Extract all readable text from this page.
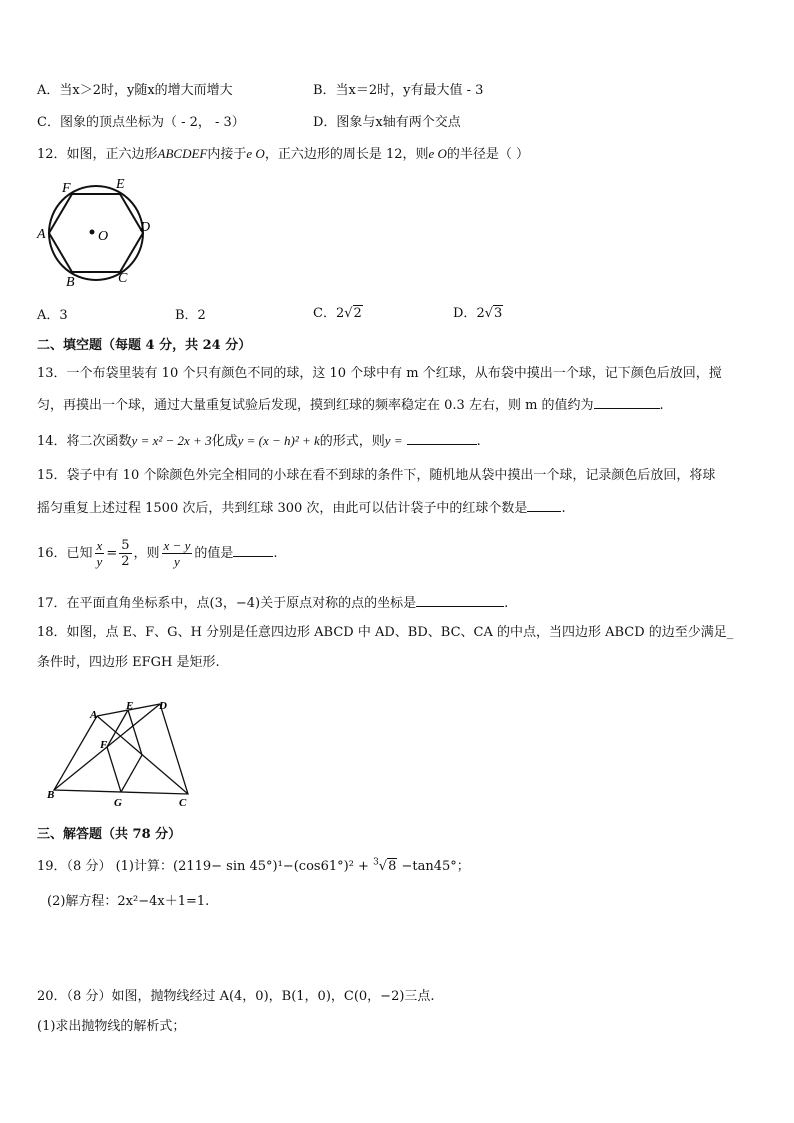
A．当x＞2时，y随x的增大而增大	B．当x＝2时，y有最大值 - 3
C．图象的顶点坐标为（ - 2， - 3）	D．图象与x轴有两个交点
12．如图，正六边形ABCDEF内接于e O，正六边形的周长是 12，则e O的半径是（ ）
A
B	C
D
E
F
O
A．3	B．2	C．2√2	D．2√3
二、填空题（每题 4 分，共 24 分）
13．一个布袋里装有 10 个只有颜色不同的球，这 10 个球中有 m 个红球，从布袋中摸出一个球，记下颜色后放回，搅
匀，再摸出一个球，通过大量重复试验后发现，摸到红球的频率稳定在 0.3 左右，则 m 的值约为	.
14．将二次函数y = x² − 2x + 3化成y = (x − h)² + k的形式，则y =	.
15．袋子中有 10 个除颜色外完全相同的小球在看不到球的条件下，随机地从袋中摸出一个球，记录颜色后放回，将球
摇匀重复上述过程 1500 次后，共到红球 300 次，由此可以估计袋子中的红球个数是	.
16．已知 $\frac{x}{y} = \frac{5}{2}$ ，则 $\frac{x - y}{y}$ 的值是	.
17．在平面直角坐标系中，点(3，−4)关于原点对称的点的坐标是	.
18．如图，点 E、F、G、H 分别是任意四边形 ABCD 中 AD、BD、BC、CA 的中点，当四边形 ABCD 的边至少满足_
条件时，四边形 EFGH 是矩形.
A
E D
F
B
G	C
三、解答题（共 78 分）
19．（8 分） (1)计算：(2119− sin 45°)¹−(cos61°)² + $^3$√8 −tan45°；
(2)解方程：2x²−4x＋1=1.
20．（8 分）如图，抛物线经过 A(4，0)，B(1，0)，C(0，−2)三点.
(1)求出抛物线的解析式；
